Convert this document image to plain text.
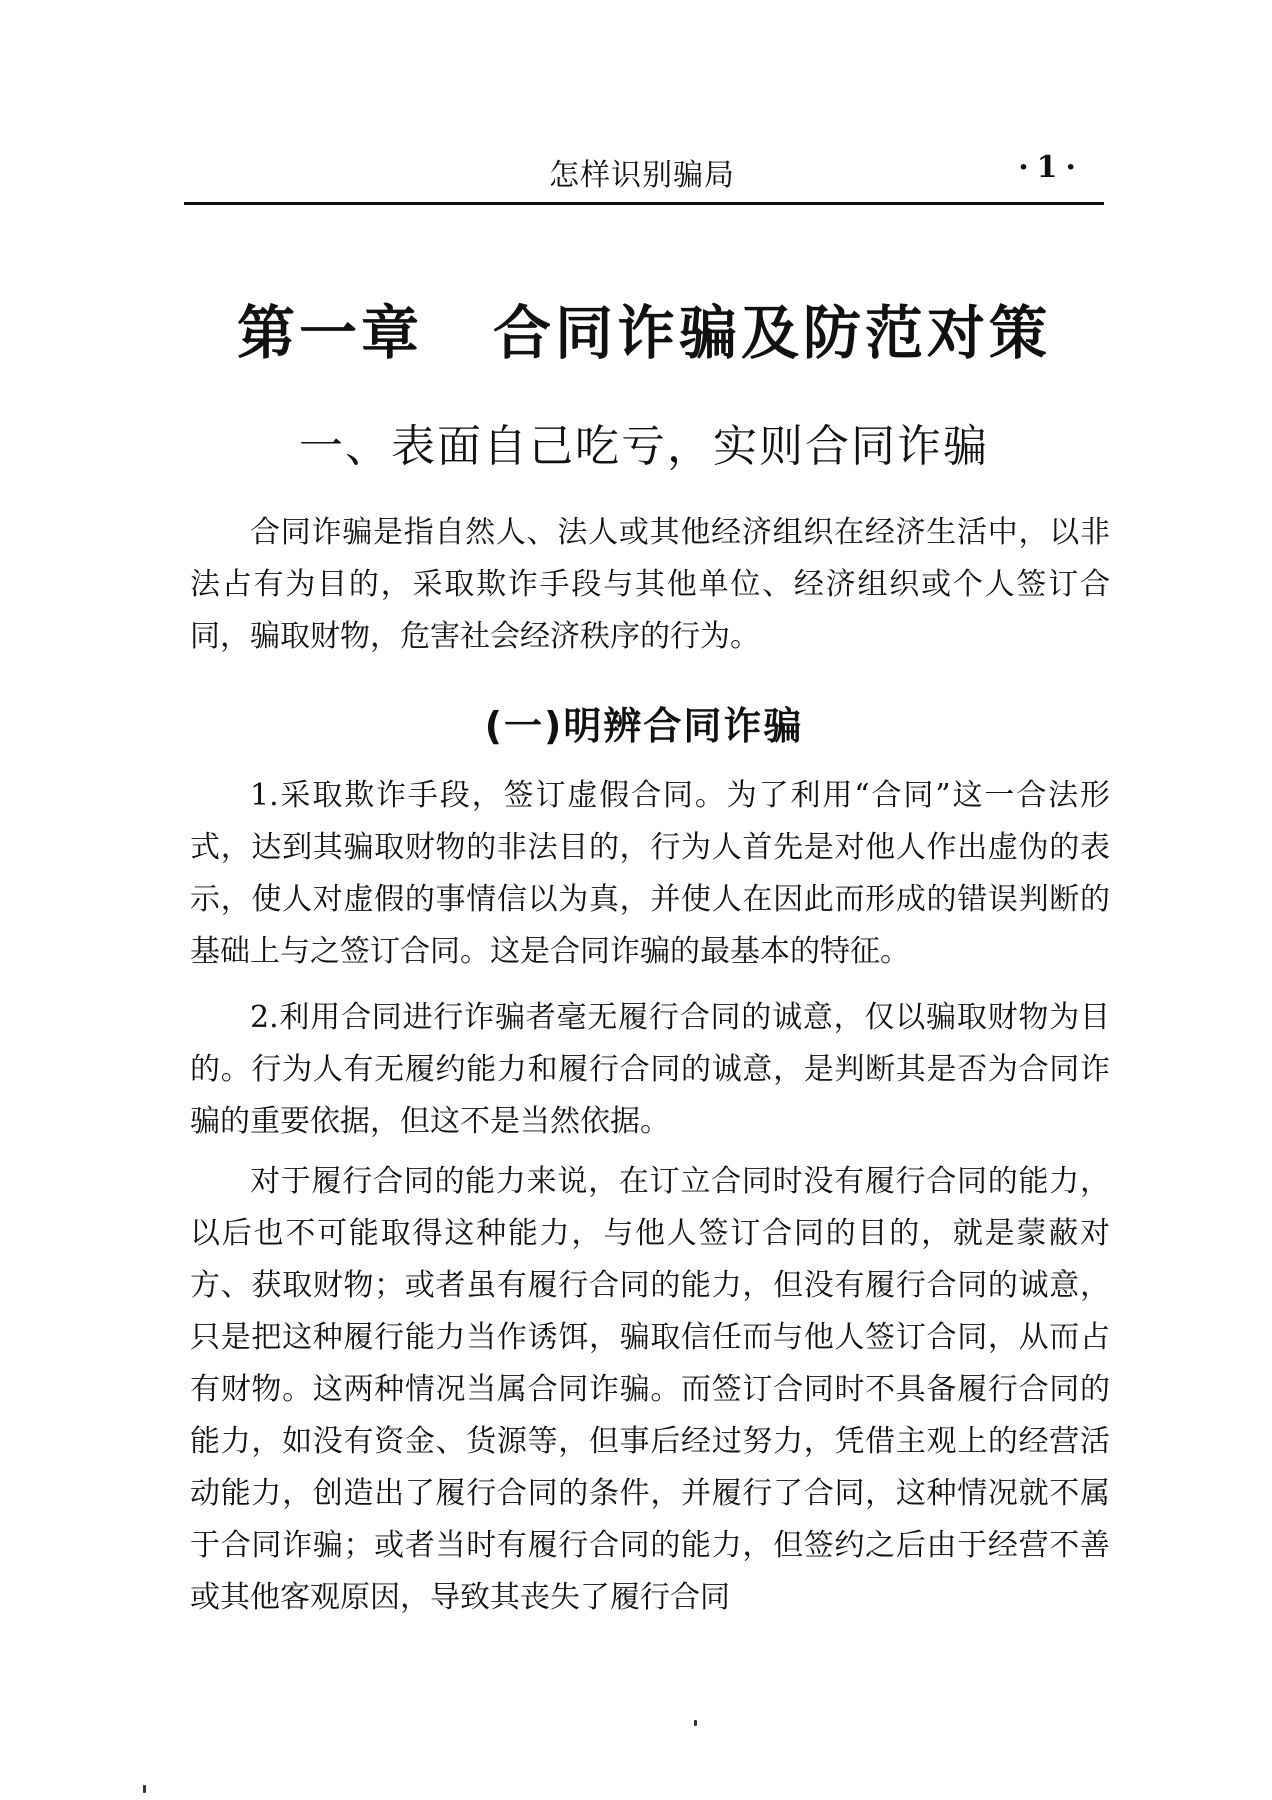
怎样识别骗局	·1·
第一章 合同诈骗及防范对策
一、表面自己吃亏，实则合同诈骗

合同诈骗是指自然人、法人或其他经济组织在经济生活中，以非法占有为目的，采取欺诈手段与其他单位、经济组织或个人签订合同，骗取财物，危害社会经济秩序的行为。

(一)明辨合同诈骗

1.采取欺诈手段，签订虚假合同。为了利用“合同”这一合法形式，达到其骗取财物的非法目的，行为人首先是对他人作出虚伪的表示，使人对虚假的事情信以为真，并使人在因此而形成的错误判断的基础上与之签订合同。这是合同诈骗的最基本的特征。

2.利用合同进行诈骗者毫无履行合同的诚意，仅以骗取财物为目的。行为人有无履约能力和履行合同的诚意，是判断其是否为合同诈骗的重要依据，但这不是当然依据。

对于履行合同的能力来说，在订立合同时没有履行合同的能力，以后也不可能取得这种能力，与他人签订合同的目的，就是蒙蔽对方、获取财物；或者虽有履行合同的能力，但没有履行合同的诚意，只是把这种履行能力当作诱饵，骗取信任而与他人签订合同，从而占有财物。这两种情况当属合同诈骗。而签订合同时不具备履行合同的能力，如没有资金、货源等，但事后经过努力，凭借主观上的经营活动能力，创造出了履行合同的条件，并履行了合同，这种情况就不属于合同诈骗；或者当时有履行合同的能力，但签约之后由于经营不善或其他客观原因，导致其丧失了履行合同
